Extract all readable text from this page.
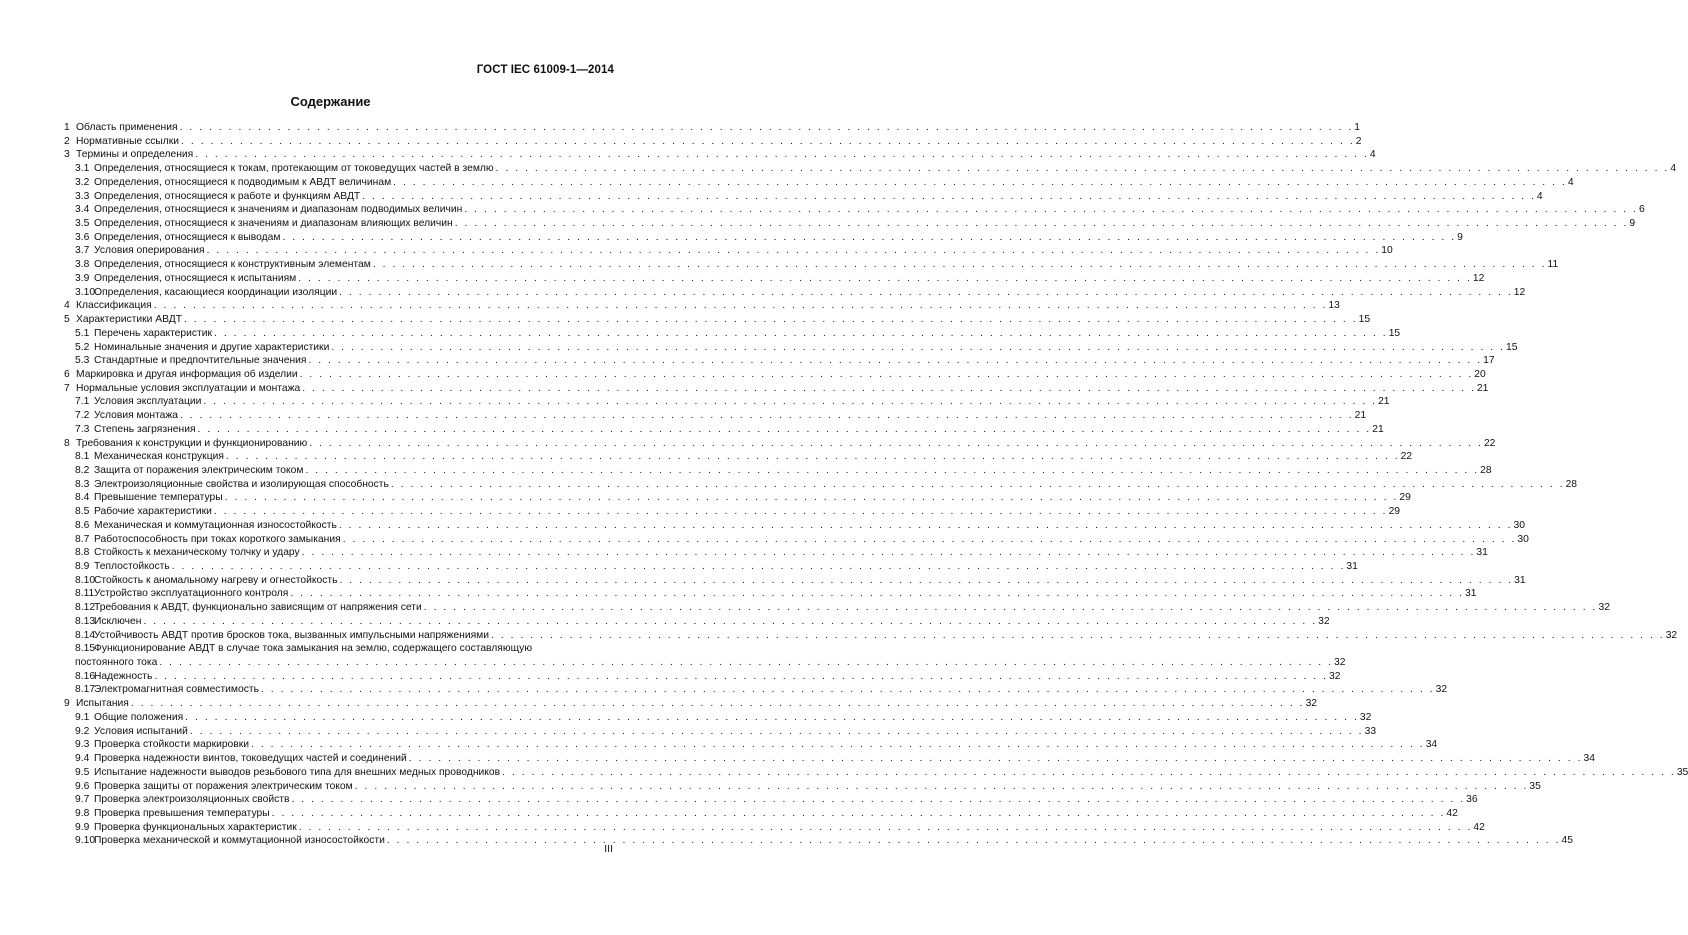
ГОСТ IEC 61009-1—2014
Содержание
1 Область применения . . . . . . . . . . . . . . . . . . . . . . . . . . . . . . . . . . . . . . . . . . . . . . . . . . . . . . . . . . . . . . . . . . . . . . . . . . . . . . . . . . . . . . . . . . . . . . . . . . . . . . . . . . . . . . . . . . . . . . . . 1
2 Нормативные ссылки . . . . . . . . . . . . . . . . . . . . . . . . . . . . . . . . . . . . . . . . . . . . . . . . . . . . . . . . . . . . . . . . . . . . . . . . . . . . . . . . . . . . . . . . . . . . . . . . . . . . . . . . . . . . . . . . . . . . . . . . 2
3 Термины и определения . . . . . . . . . . . . . . . . . . . . . . . . . . . . . . . . . . . . . . . . . . . . . . . . . . . . . . . . . . . . . . . . . . . . . . . . . . . . . . . . . . . . . . . . . . . . . . . . . . . . . . . . . . . . . . . . . . . . . . . . 4
3.1 Определения, относящиеся к токам, протекающим от токоведущих частей в землю . . . . . . . . . . . . . . . . . . . . . . . . . . . . . . . . . . . . . . . . . . . . . . . . . . . . . . . . . . . . . . . . . . . . . . . . . . . . . . . . . . . . . . . . . . . . . . . . . . . . . . . . . . . . . . . . . . . . . . . . 4
3.2 Определения, относящиеся к подводимым к АВДТ величинам . . . . . . . . . . . . . . . . . . . . . . . . . . . . . . . . . . . . . . . . . . . . . . . . . . . . . . . . . . . . . . . . . . . . . . . . . . . . . . . . . . . . . . . . . . . . . . . . . . . . . . . . . . . . . . . . . . . . . . . . 4
3.3 Определения, относящиеся к работе и функциям АВДТ . . . . . . . . . . . . . . . . . . . . . . . . . . . . . . . . . . . . . . . . . . . . . . . . . . . . . . . . . . . . . . . . . . . . . . . . . . . . . . . . . . . . . . . . . . . . . . . . . . . . . . . . . . . . . . . . . . . . . . . . 4
3.4 Определения, относящиеся к значениям и диапазонам подводимых величин . . . . . . . . . . . . . . . . . . . . . . . . . . . . . . . . . . . . . . . . . . . . . . . . . . . . . . . . . . . . . . . . . . . . . . . . . . . . . . . . . . . . . . . . . . . . . . . . . . . . . . . . . . . . . . . . . . . . . . . . 6
3.5 Определения, относящиеся к значениям и диапазонам влияющих величин . . . . . . . . . . . . . . . . . . . . . . . . . . . . . . . . . . . . . . . . . . . . . . . . . . . . . . . . . . . . . . . . . . . . . . . . . . . . . . . . . . . . . . . . . . . . . . . . . . . . . . . . . . . . . . . . . . . . . . . . 9
3.6 Определения, относящиеся к выводам . . . . . . . . . . . . . . . . . . . . . . . . . . . . . . . . . . . . . . . . . . . . . . . . . . . . . . . . . . . . . . . . . . . . . . . . . . . . . . . . . . . . . . . . . . . . . . . . . . . . . . . . . . . . . . . . . . . . . . . . 9
3.7 Условия оперирования . . . . . . . . . . . . . . . . . . . . . . . . . . . . . . . . . . . . . . . . . . . . . . . . . . . . . . . . . . . . . . . . . . . . . . . . . . . . . . . . . . . . . . . . . . . . . . . . . . . . . . . . . . . . . . . . . . . . . . . . 10
3.8 Определения, относящиеся к конструктивным элементам . . . . . . . . . . . . . . . . . . . . . . . . . . . . . . . . . . . . . . . . . . . . . . . . . . . . . . . . . . . . . . . . . . . . . . . . . . . . . . . . . . . . . . . . . . . . . . . . . . . . . . . . . . . . . . . . . . . . . . . . 11
3.9 Определения, относящиеся к испытаниям . . . . . . . . . . . . . . . . . . . . . . . . . . . . . . . . . . . . . . . . . . . . . . . . . . . . . . . . . . . . . . . . . . . . . . . . . . . . . . . . . . . . . . . . . . . . . . . . . . . . . . . . . . . . . . . . . . . . . . . . 12
3.10Определения, касающиеся координации изоляции . . . . . . . . . . . . . . . . . . . . . . . . . . . . . . . . . . . . . . . . . . . . . . . . . . . . . . . . . . . . . . . . . . . . . . . . . . . . . . . . . . . . . . . . . . . . . . . . . . . . . . . . . . . . . . . . . . . . . . . . 12
4 Классификация . . . . . . . . . . . . . . . . . . . . . . . . . . . . . . . . . . . . . . . . . . . . . . . . . . . . . . . . . . . . . . . . . . . . . . . . . . . . . . . . . . . . . . . . . . . . . . . . . . . . . . . . . . . . . . . . . . . . . . . . 13
5 Характеристики АВДТ . . . . . . . . . . . . . . . . . . . . . . . . . . . . . . . . . . . . . . . . . . . . . . . . . . . . . . . . . . . . . . . . . . . . . . . . . . . . . . . . . . . . . . . . . . . . . . . . . . . . . . . . . . . . . . . . . . . . . . . . 15
5.1 Перечень характеристик . . . . . . . . . . . . . . . . . . . . . . . . . . . . . . . . . . . . . . . . . . . . . . . . . . . . . . . . . . . . . . . . . . . . . . . . . . . . . . . . . . . . . . . . . . . . . . . . . . . . . . . . . . . . . . . . . . . . . . . . 15
5.2 Номинальные значения и другие характеристики . . . . . . . . . . . . . . . . . . . . . . . . . . . . . . . . . . . . . . . . . . . . . . . . . . . . . . . . . . . . . . . . . . . . . . . . . . . . . . . . . . . . . . . . . . . . . . . . . . . . . . . . . . . . . . . . . . . . . . . . 15
5.3 Стандартные и предпочтительные значения . . . . . . . . . . . . . . . . . . . . . . . . . . . . . . . . . . . . . . . . . . . . . . . . . . . . . . . . . . . . . . . . . . . . . . . . . . . . . . . . . . . . . . . . . . . . . . . . . . . . . . . . . . . . . . . . . . . . . . . . 17
6 Маркировка и другая информация об изделии . . . . . . . . . . . . . . . . . . . . . . . . . . . . . . . . . . . . . . . . . . . . . . . . . . . . . . . . . . . . . . . . . . . . . . . . . . . . . . . . . . . . . . . . . . . . . . . . . . . . . . . . . . . . . . . . . . . . . . . . 20
7 Нормальные условия эксплуатации и монтажа . . . . . . . . . . . . . . . . . . . . . . . . . . . . . . . . . . . . . . . . . . . . . . . . . . . . . . . . . . . . . . . . . . . . . . . . . . . . . . . . . . . . . . . . . . . . . . . . . . . . . . . . . . . . . . . . . . . . . . . . 21
7.1 Условия эксплуатации . . . . . . . . . . . . . . . . . . . . . . . . . . . . . . . . . . . . . . . . . . . . . . . . . . . . . . . . . . . . . . . . . . . . . . . . . . . . . . . . . . . . . . . . . . . . . . . . . . . . . . . . . . . . . . . . . . . . . . . . 21
7.2 Условия монтажа . . . . . . . . . . . . . . . . . . . . . . . . . . . . . . . . . . . . . . . . . . . . . . . . . . . . . . . . . . . . . . . . . . . . . . . . . . . . . . . . . . . . . . . . . . . . . . . . . . . . . . . . . . . . . . . . . . . . . . . . 21
7.3 Степень загрязнения . . . . . . . . . . . . . . . . . . . . . . . . . . . . . . . . . . . . . . . . . . . . . . . . . . . . . . . . . . . . . . . . . . . . . . . . . . . . . . . . . . . . . . . . . . . . . . . . . . . . . . . . . . . . . . . . . . . . . . . . 21
8 Требования к конструкции и функционированию . . . . . . . . . . . . . . . . . . . . . . . . . . . . . . . . . . . . . . . . . . . . . . . . . . . . . . . . . . . . . . . . . . . . . . . . . . . . . . . . . . . . . . . . . . . . . . . . . . . . . . . . . . . . . . . . . . . . . . . . 22
8.1 Механическая конструкция . . . . . . . . . . . . . . . . . . . . . . . . . . . . . . . . . . . . . . . . . . . . . . . . . . . . . . . . . . . . . . . . . . . . . . . . . . . . . . . . . . . . . . . . . . . . . . . . . . . . . . . . . . . . . . . . . . . . . . . . 22
8.2 Защита от поражения электрическим током . . . . . . . . . . . . . . . . . . . . . . . . . . . . . . . . . . . . . . . . . . . . . . . . . . . . . . . . . . . . . . . . . . . . . . . . . . . . . . . . . . . . . . . . . . . . . . . . . . . . . . . . . . . . . . . . . . . . . . . . 28
8.3 Электроизоляционные свойства и изолирующая способность . . . . . . . . . . . . . . . . . . . . . . . . . . . . . . . . . . . . . . . . . . . . . . . . . . . . . . . . . . . . . . . . . . . . . . . . . . . . . . . . . . . . . . . . . . . . . . . . . . . . . . . . . . . . . . . . . . . . . . . . 28
8.4 Превышение температуры . . . . . . . . . . . . . . . . . . . . . . . . . . . . . . . . . . . . . . . . . . . . . . . . . . . . . . . . . . . . . . . . . . . . . . . . . . . . . . . . . . . . . . . . . . . . . . . . . . . . . . . . . . . . . . . . . . . . . . . . 29
8.5 Рабочие характеристики . . . . . . . . . . . . . . . . . . . . . . . . . . . . . . . . . . . . . . . . . . . . . . . . . . . . . . . . . . . . . . . . . . . . . . . . . . . . . . . . . . . . . . . . . . . . . . . . . . . . . . . . . . . . . . . . . . . . . . . . 29
8.6 Механическая и коммутационная износостойкость . . . . . . . . . . . . . . . . . . . . . . . . . . . . . . . . . . . . . . . . . . . . . . . . . . . . . . . . . . . . . . . . . . . . . . . . . . . . . . . . . . . . . . . . . . . . . . . . . . . . . . . . . . . . . . . . . . . . . . . . 30
8.7 Работоспособность при токах короткого замыкания . . . . . . . . . . . . . . . . . . . . . . . . . . . . . . . . . . . . . . . . . . . . . . . . . . . . . . . . . . . . . . . . . . . . . . . . . . . . . . . . . . . . . . . . . . . . . . . . . . . . . . . . . . . . . . . . . . . . . . . . 30
8.8 Стойкость к механическому толчку и удару . . . . . . . . . . . . . . . . . . . . . . . . . . . . . . . . . . . . . . . . . . . . . . . . . . . . . . . . . . . . . . . . . . . . . . . . . . . . . . . . . . . . . . . . . . . . . . . . . . . . . . . . . . . . . . . . . . . . . . . . 31
8.9 Теплостойкость . . . . . . . . . . . . . . . . . . . . . . . . . . . . . . . . . . . . . . . . . . . . . . . . . . . . . . . . . . . . . . . . . . . . . . . . . . . . . . . . . . . . . . . . . . . . . . . . . . . . . . . . . . . . . . . . . . . . . . . . 31
8.10Стойкость к аномальному нагреву и огнестойкость . . . . . . . . . . . . . . . . . . . . . . . . . . . . . . . . . . . . . . . . . . . . . . . . . . . . . . . . . . . . . . . . . . . . . . . . . . . . . . . . . . . . . . . . . . . . . . . . . . . . . . . . . . . . . . . . . . . . . . . . 31
8.11Устройство эксплуатационного контроля . . . . . . . . . . . . . . . . . . . . . . . . . . . . . . . . . . . . . . . . . . . . . . . . . . . . . . . . . . . . . . . . . . . . . . . . . . . . . . . . . . . . . . . . . . . . . . . . . . . . . . . . . . . . . . . . . . . . . . . . 31
8.12Требования к АВДТ, функционально зависящим от напряжения сети . . . . . . . . . . . . . . . . . . . . . . . . . . . . . . . . . . . . . . . . . . . . . . . . . . . . . . . . . . . . . . . . . . . . . . . . . . . . . . . . . . . . . . . . . . . . . . . . . . . . . . . . . . . . . . . . . . . . . . . . 32
8.13Исключен . . . . . . . . . . . . . . . . . . . . . . . . . . . . . . . . . . . . . . . . . . . . . . . . . . . . . . . . . . . . . . . . . . . . . . . . . . . . . . . . . . . . . . . . . . . . . . . . . . . . . . . . . . . . . . . . . . . . . . . . 32
8.14Устойчивость АВДТ против бросков тока, вызванных импульсными напряжениями . . . . . . . . . . . . . . . . . . . . . . . . . . . . . . . . . . . . . . . . . . . . . . . . . . . . . . . . . . . . . . . . . . . . . . . . . . . . . . . . . . . . . . . . . . . . . . . . . . . . . . . . . . . . . . . . . . . . . . . . 32
8.15Функционирование АВДТ в случае тока замыкания на землю, содержащего составляющую
постоянного тока . . . . . . . . . . . . . . . . . . . . . . . . . . . . . . . . . . . . . . . . . . . . . . . . . . . . . . . . . . . . . . . . . . . . . . . . . . . . . . . . . . . . . . . . . . . . . . . . . . . . . . . . . . . . . . . . . . . . . . . . 32
8.16Надежность . . . . . . . . . . . . . . . . . . . . . . . . . . . . . . . . . . . . . . . . . . . . . . . . . . . . . . . . . . . . . . . . . . . . . . . . . . . . . . . . . . . . . . . . . . . . . . . . . . . . . . . . . . . . . . . . . . . . . . . . 32
8.17Электромагнитная совместимость . . . . . . . . . . . . . . . . . . . . . . . . . . . . . . . . . . . . . . . . . . . . . . . . . . . . . . . . . . . . . . . . . . . . . . . . . . . . . . . . . . . . . . . . . . . . . . . . . . . . . . . . . . . . . . . . . . . . . . . . 32
9 Испытания . . . . . . . . . . . . . . . . . . . . . . . . . . . . . . . . . . . . . . . . . . . . . . . . . . . . . . . . . . . . . . . . . . . . . . . . . . . . . . . . . . . . . . . . . . . . . . . . . . . . . . . . . . . . . . . . . . . . . . . . 32
9.1 Общие положения . . . . . . . . . . . . . . . . . . . . . . . . . . . . . . . . . . . . . . . . . . . . . . . . . . . . . . . . . . . . . . . . . . . . . . . . . . . . . . . . . . . . . . . . . . . . . . . . . . . . . . . . . . . . . . . . . . . . . . . . 32
9.2 Условия испытаний . . . . . . . . . . . . . . . . . . . . . . . . . . . . . . . . . . . . . . . . . . . . . . . . . . . . . . . . . . . . . . . . . . . . . . . . . . . . . . . . . . . . . . . . . . . . . . . . . . . . . . . . . . . . . . . . . . . . . . . . 33
9.3 Проверка стойкости маркировки . . . . . . . . . . . . . . . . . . . . . . . . . . . . . . . . . . . . . . . . . . . . . . . . . . . . . . . . . . . . . . . . . . . . . . . . . . . . . . . . . . . . . . . . . . . . . . . . . . . . . . . . . . . . . . . . . . . . . . . . 34
9.4 Проверка надежности винтов, токоведущих частей и соединений . . . . . . . . . . . . . . . . . . . . . . . . . . . . . . . . . . . . . . . . . . . . . . . . . . . . . . . . . . . . . . . . . . . . . . . . . . . . . . . . . . . . . . . . . . . . . . . . . . . . . . . . . . . . . . . . . . . . . . . . 34
9.5 Испытание надежности выводов резьбового типа для внешних медных проводников . . . . . . . . . . . . . . . . . . . . . . . . . . . . . . . . . . . . . . . . . . . . . . . . . . . . . . . . . . . . . . . . . . . . . . . . . . . . . . . . . . . . . . . . . . . . . . . . . . . . . . . . . . . . . . . . . . . . . . . . 35
9.6 Проверка защиты от поражения электрическим током . . . . . . . . . . . . . . . . . . . . . . . . . . . . . . . . . . . . . . . . . . . . . . . . . . . . . . . . . . . . . . . . . . . . . . . . . . . . . . . . . . . . . . . . . . . . . . . . . . . . . . . . . . . . . . . . . . . . . . . . 35
9.7 Проверка электроизоляционных свойств . . . . . . . . . . . . . . . . . . . . . . . . . . . . . . . . . . . . . . . . . . . . . . . . . . . . . . . . . . . . . . . . . . . . . . . . . . . . . . . . . . . . . . . . . . . . . . . . . . . . . . . . . . . . . . . . . . . . . . . . 36
9.8 Проверка превышения температуры . . . . . . . . . . . . . . . . . . . . . . . . . . . . . . . . . . . . . . . . . . . . . . . . . . . . . . . . . . . . . . . . . . . . . . . . . . . . . . . . . . . . . . . . . . . . . . . . . . . . . . . . . . . . . . . . . . . . . . . . 42
9.9 Проверка функциональных характеристик . . . . . . . . . . . . . . . . . . . . . . . . . . . . . . . . . . . . . . . . . . . . . . . . . . . . . . . . . . . . . . . . . . . . . . . . . . . . . . . . . . . . . . . . . . . . . . . . . . . . . . . . . . . . . . . . . . . . . . . . 42
9.10Проверка механической и коммутационной износостойкости . . . . . . . . . . . . . . . . . . . . . . . . . . . . . . . . . . . . . . . . . . . . . . . . . . . . . . . . . . . . . . . . . . . . . . . . . . . . . . . . . . . . . . . . . . . . . . . . . . . . . . . . . . . . . . . . . . . . . . . . 45
III
